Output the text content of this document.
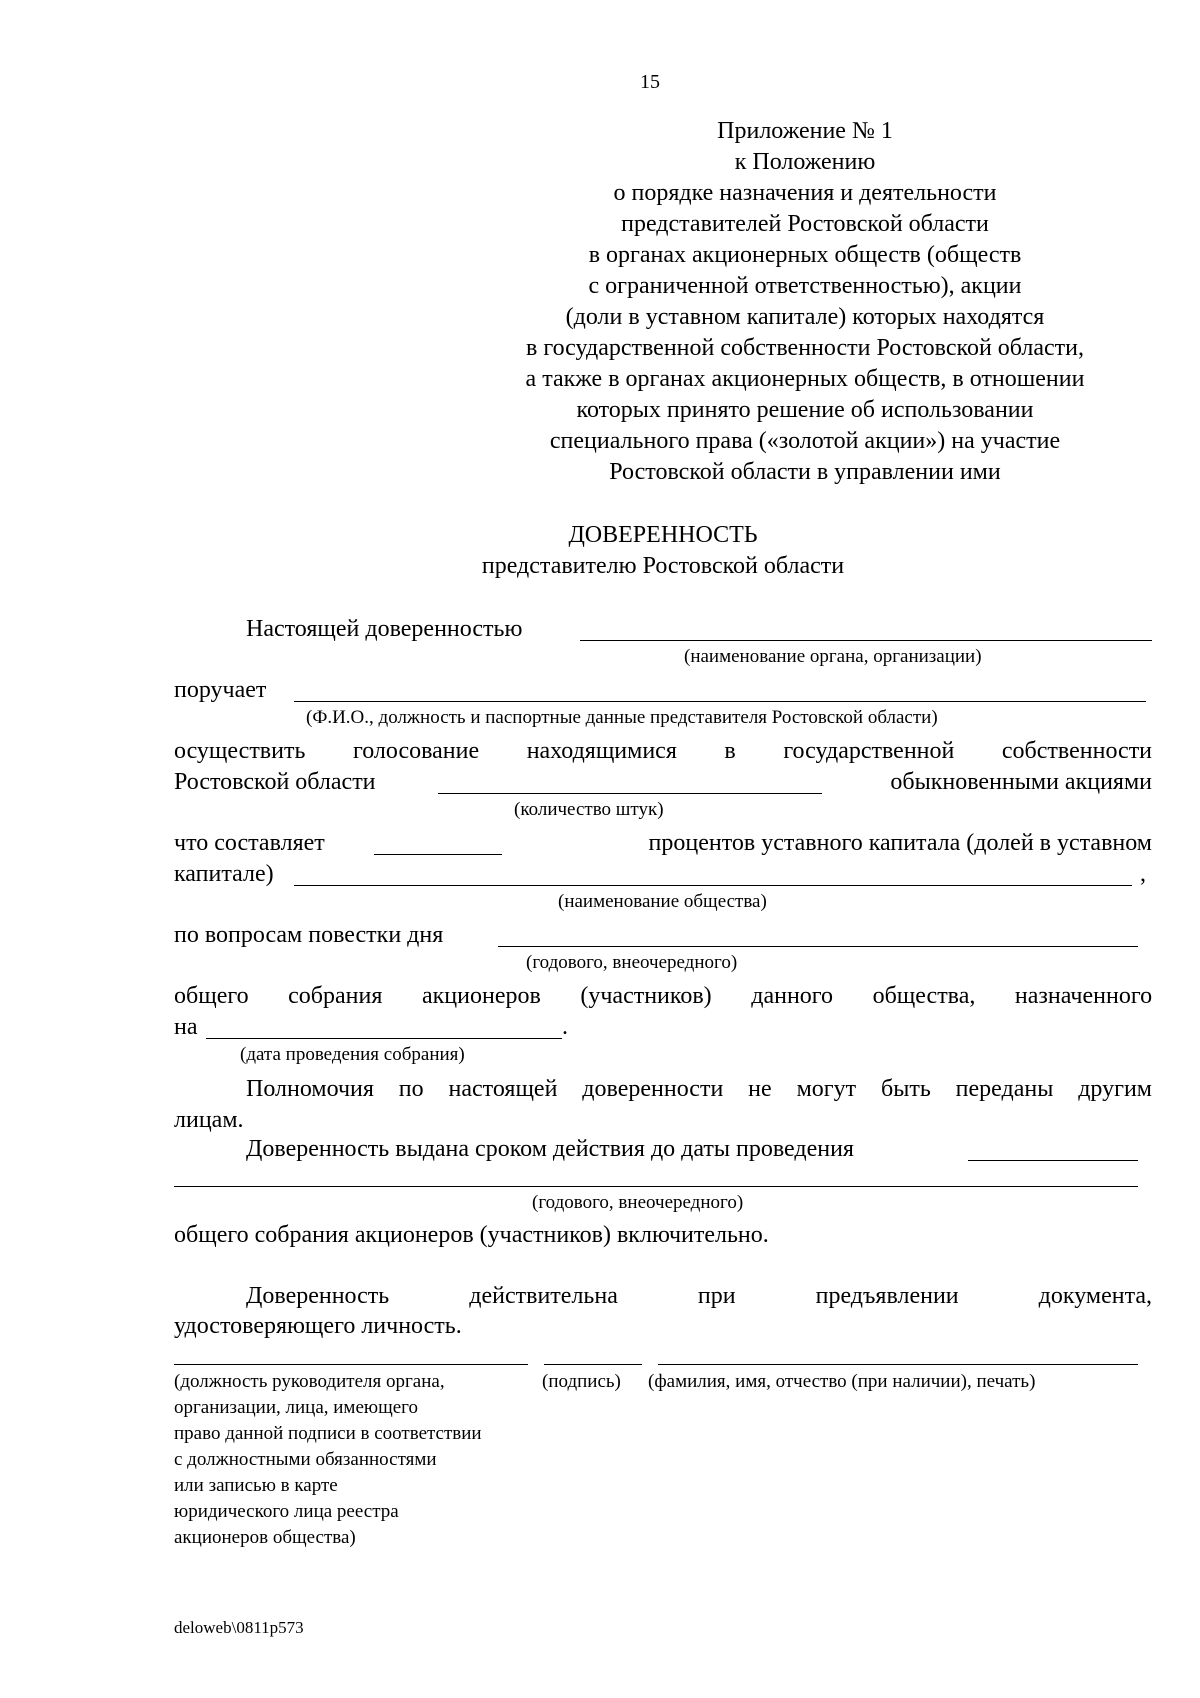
15
Приложение № 1
к Положению
о порядке назначения и деятельности
представителей Ростовской области
в органах акционерных обществ (обществ
с ограниченной ответственностью), акции
(доли в уставном капитале) которых находятся
в государственной собственности Ростовской области,
а также в органах акционерных обществ, в отношении
которых принято решение об использовании
специального права («золотой акции») на участие
Ростовской области в управлении ими
ДОВЕРЕННОСТЬ
представителю Ростовской области
Настоящей доверенностью
(наименование органа, организации)
поручает
(Ф.И.О., должность и паспортные данные представителя Ростовской области)
осуществить голосование находящимися в государственной собственности
Ростовской области	обыкновенными акциями
(количество штук)
что составляет	процентов уставного капитала (долей в уставном
капитале)	,
(наименование общества)
по вопросам повестки дня
(годового, внеочередного)
общего собрания акционеров (участников) данного общества, назначенного
на	.
(дата проведения собрания)
Полномочия по настоящей доверенности не могут быть переданы другим
лицам.
Доверенность выдана сроком действия до даты проведения
(годового, внеочередного)
общего собрания акционеров (участников) включительно.
Доверенность	действительна	при	предъявлении	документа,
удостоверяющего личность.
(должность руководителя органа,
организации, лица, имеющего
право данной подписи в соответствии
с должностными обязанностями
или записью в карте
юридического лица реестра
акционеров общества)
(подпись) (фамилия, имя, отчество (при наличии), печать)
deloweb\0811p573
